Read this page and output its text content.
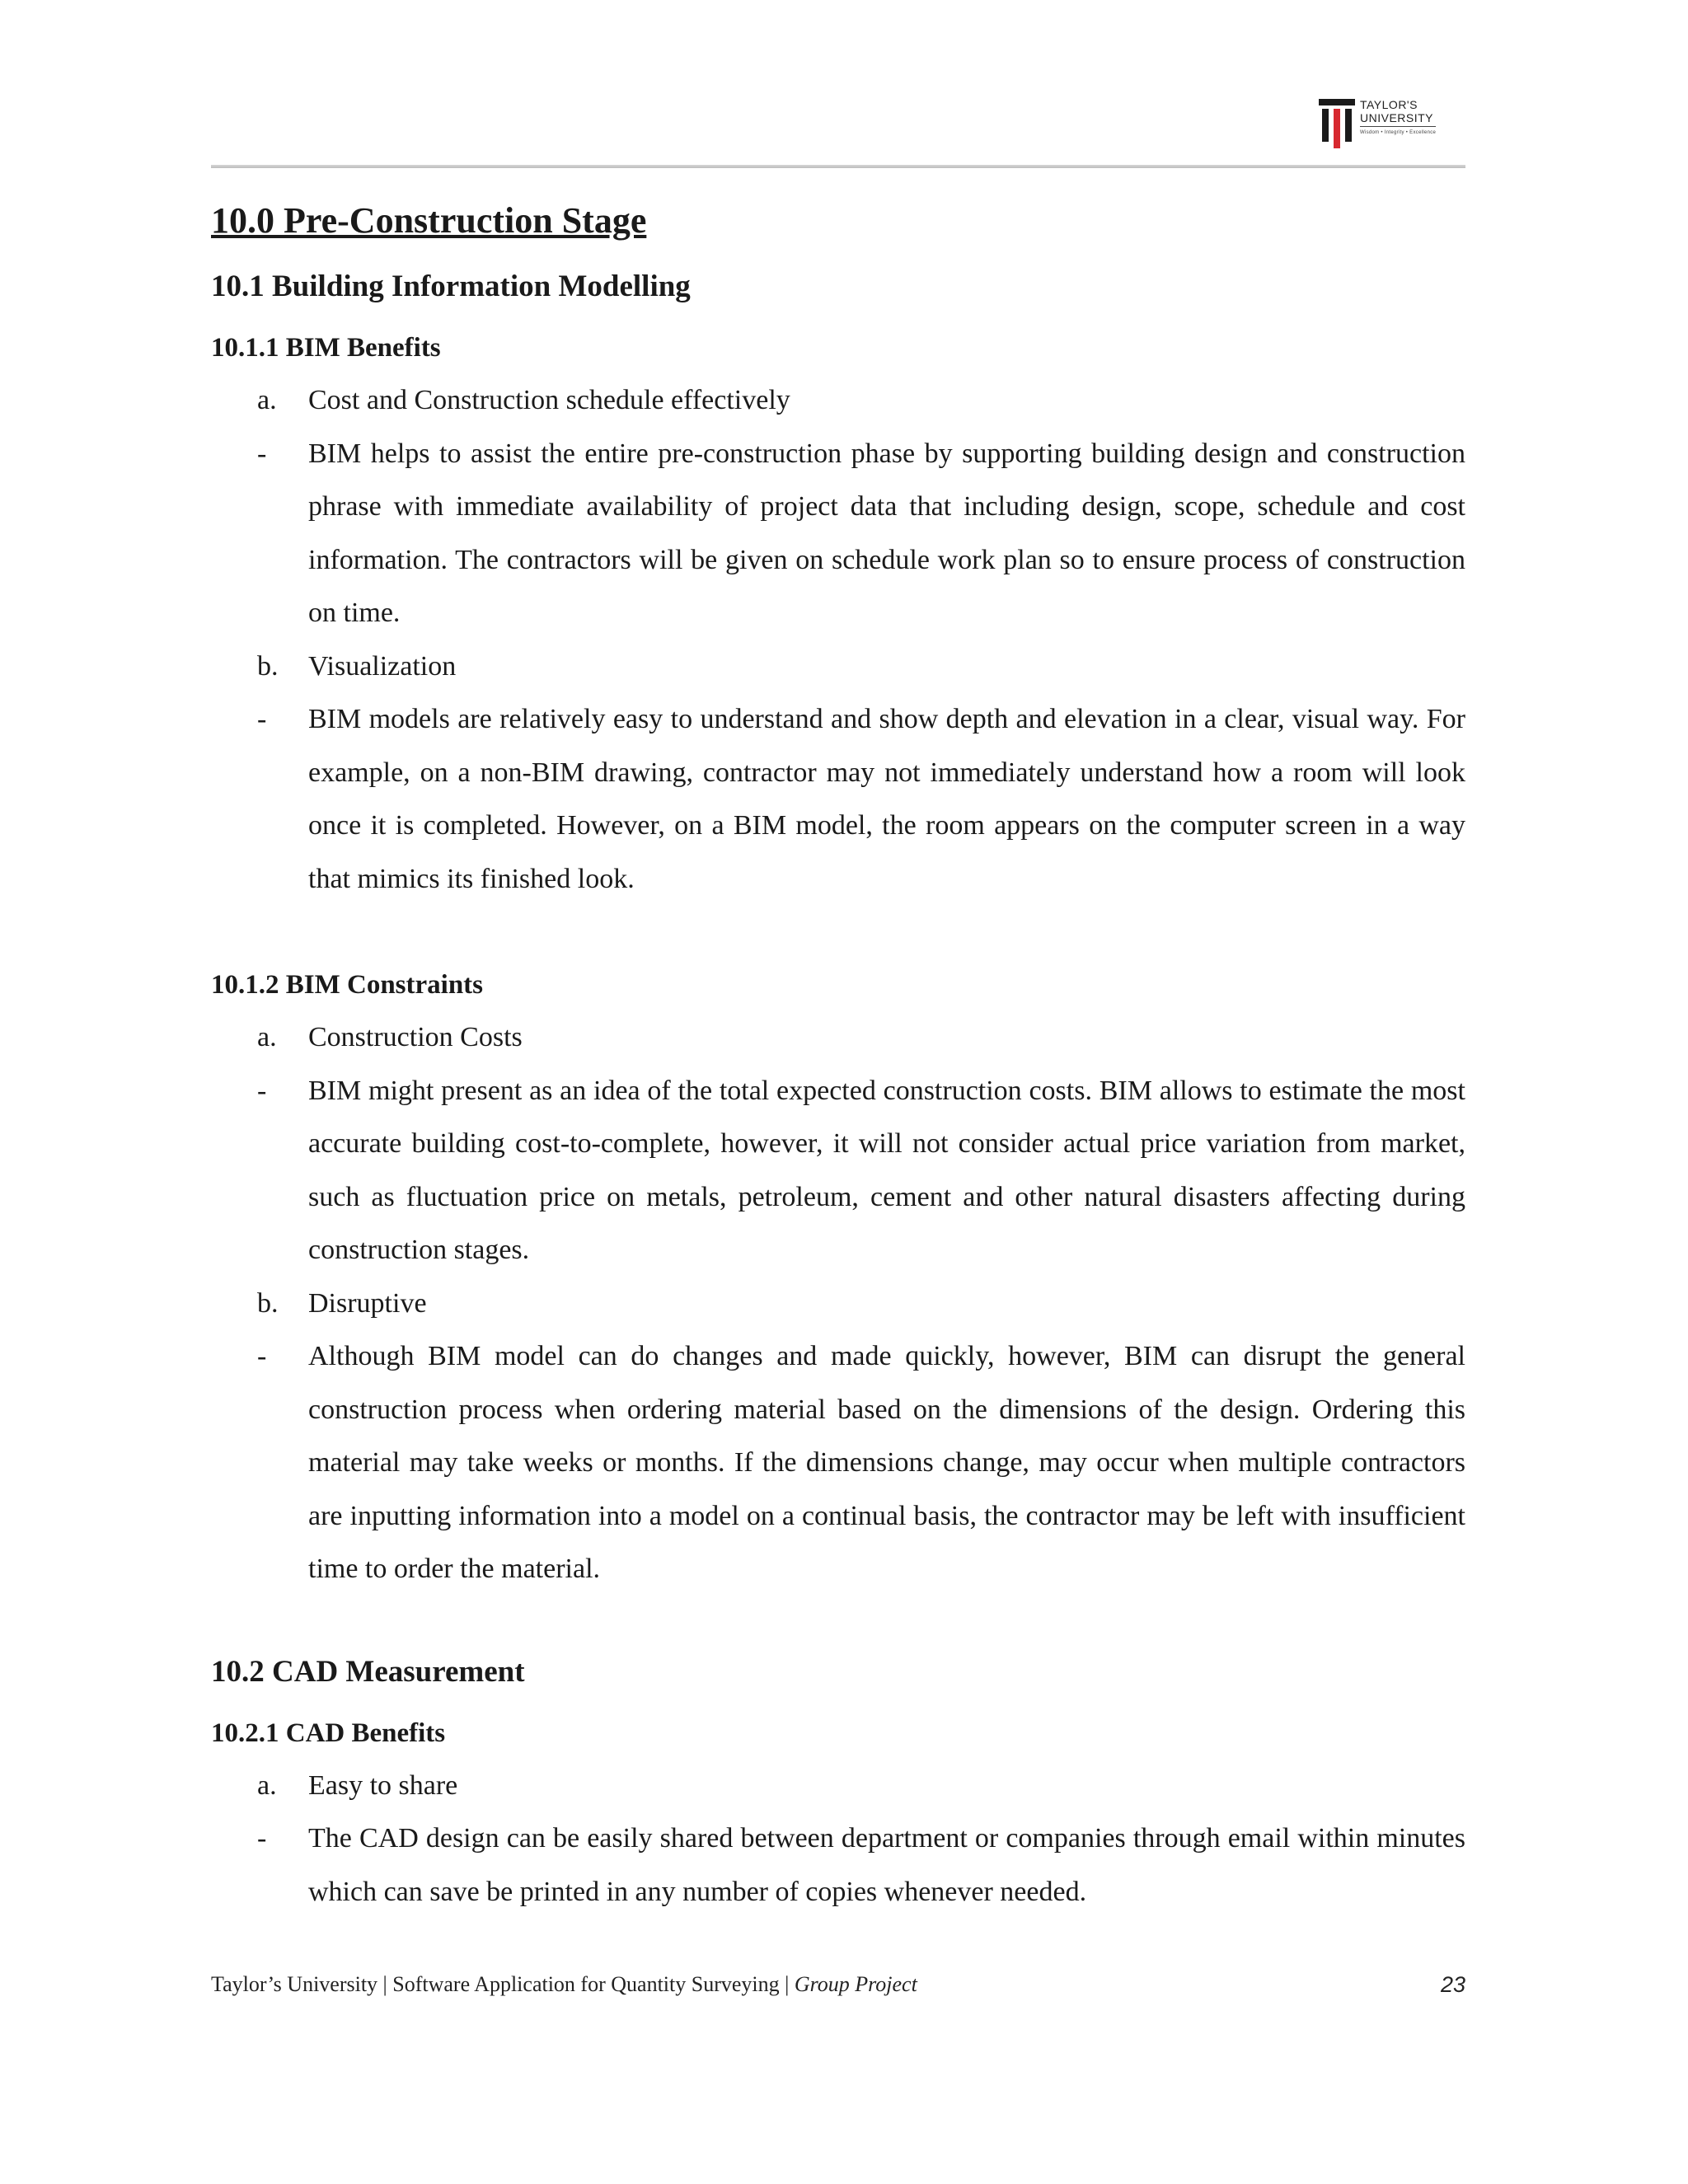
TAYLOR'S
UNIVERSITY
Wisdom • Integrity • Excellence
10.0 Pre-Construction Stage
10.1 Building Information Modelling
10.1.1 BIM Benefits
a.	Cost and Construction schedule effectively
-	BIM helps to assist the entire pre-construction phase by supporting building design and construction phrase with immediate availability of project data that including design, scope, schedule and cost information. The contractors will be given on schedule work plan so to ensure process of construction on time.
b.	Visualization
-	BIM models are relatively easy to understand and show depth and elevation in a clear, visual way. For example, on a non-BIM drawing, contractor may not immediately understand how a room will look once it is completed. However, on a BIM model, the room appears on the computer screen in a way that mimics its finished look.
10.1.2 BIM Constraints
a.	Construction Costs
-	BIM might present as an idea of the total expected construction costs. BIM allows to estimate the most accurate building cost-to-complete, however, it will not consider actual price variation from market, such as fluctuation price on metals, petroleum, cement and other natural disasters affecting during construction stages.
b.	Disruptive
-	Although BIM model can do changes and made quickly, however, BIM can disrupt the general construction process when ordering material based on the dimensions of the design. Ordering this material may take weeks or months. If the dimensions change, may occur when multiple contractors are inputting information into a model on a continual basis, the contractor may be left with insufficient time to order the material.
10.2 CAD Measurement
10.2.1 CAD Benefits
a.	Easy to share
-	The CAD design can be easily shared between department or companies through email within minutes which can save be printed in any number of copies whenever needed.
Taylor’s University | Software Application for Quantity Surveying | Group Project	23
